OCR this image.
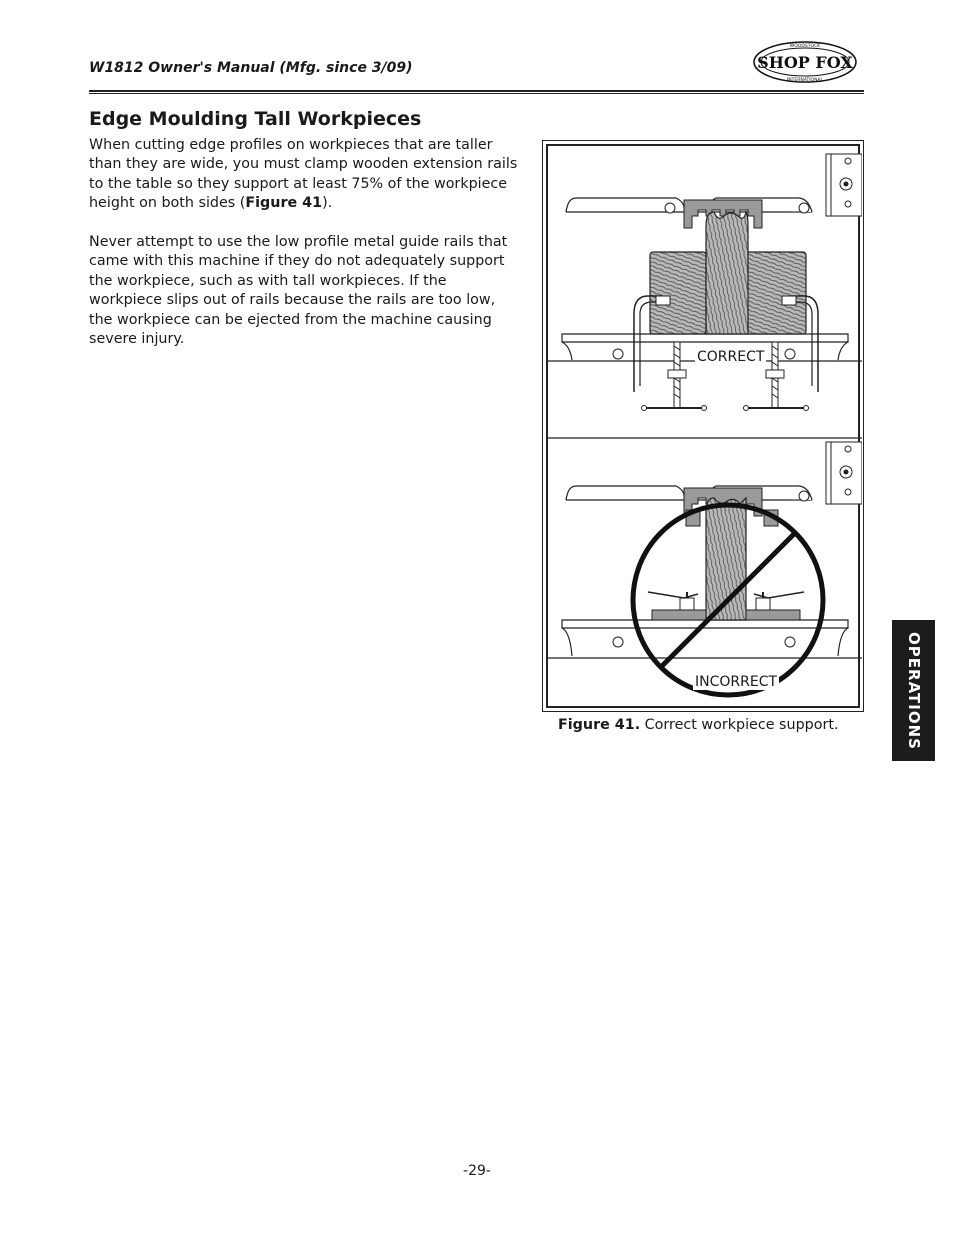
W1812 Owner's Manual (Mfg. since 3/09)
WOODSTOCK
INTERNATIONAL
SHOP FOX
Edge Moulding Tall Workpieces

When cutting edge profiles on workpieces that are taller than they are wide, you must clamp wooden extension rails to the table so they support at least 75% of the workpiece height on both sides (Figure 41).

Never attempt to use the low profile metal guide rails that came with this machine if they do not adequately support the workpiece, such as with tall workpieces. If the workpiece slips out of rails because the rails are too low, the workpiece can be ejected from the machine causing severe injury.

CORRECT
INCORRECT

Figure 41. Correct workpiece support.	OPERATIONS
-29-
